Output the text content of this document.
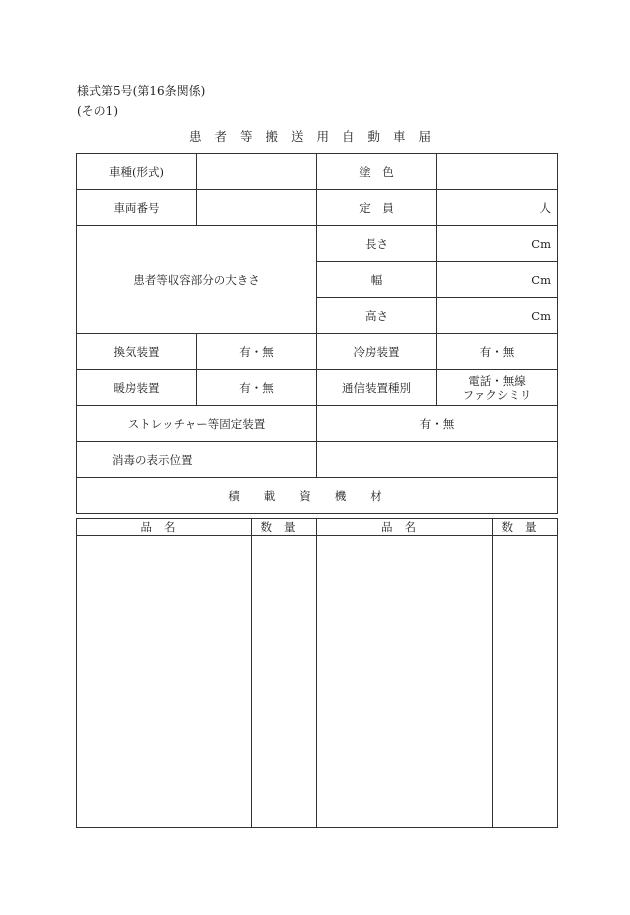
様式第5号(第16条関係)
(その1)
患者等搬送用自動車届
車種(形式)		塗　色	
車両番号		定　員	人
患者等収容部分の大きさ		長さ	Cm
		幅	Cm
		高さ	Cm
換気装置	有・無	冷房装置	有・無
暖房装置	有・無	通信装置種別	電話・無線
ファクシミリ

ストレッチャー等固定装置		有・無	
消毒の表示位置			
積載資機材			
品名	数量	品名	数量
